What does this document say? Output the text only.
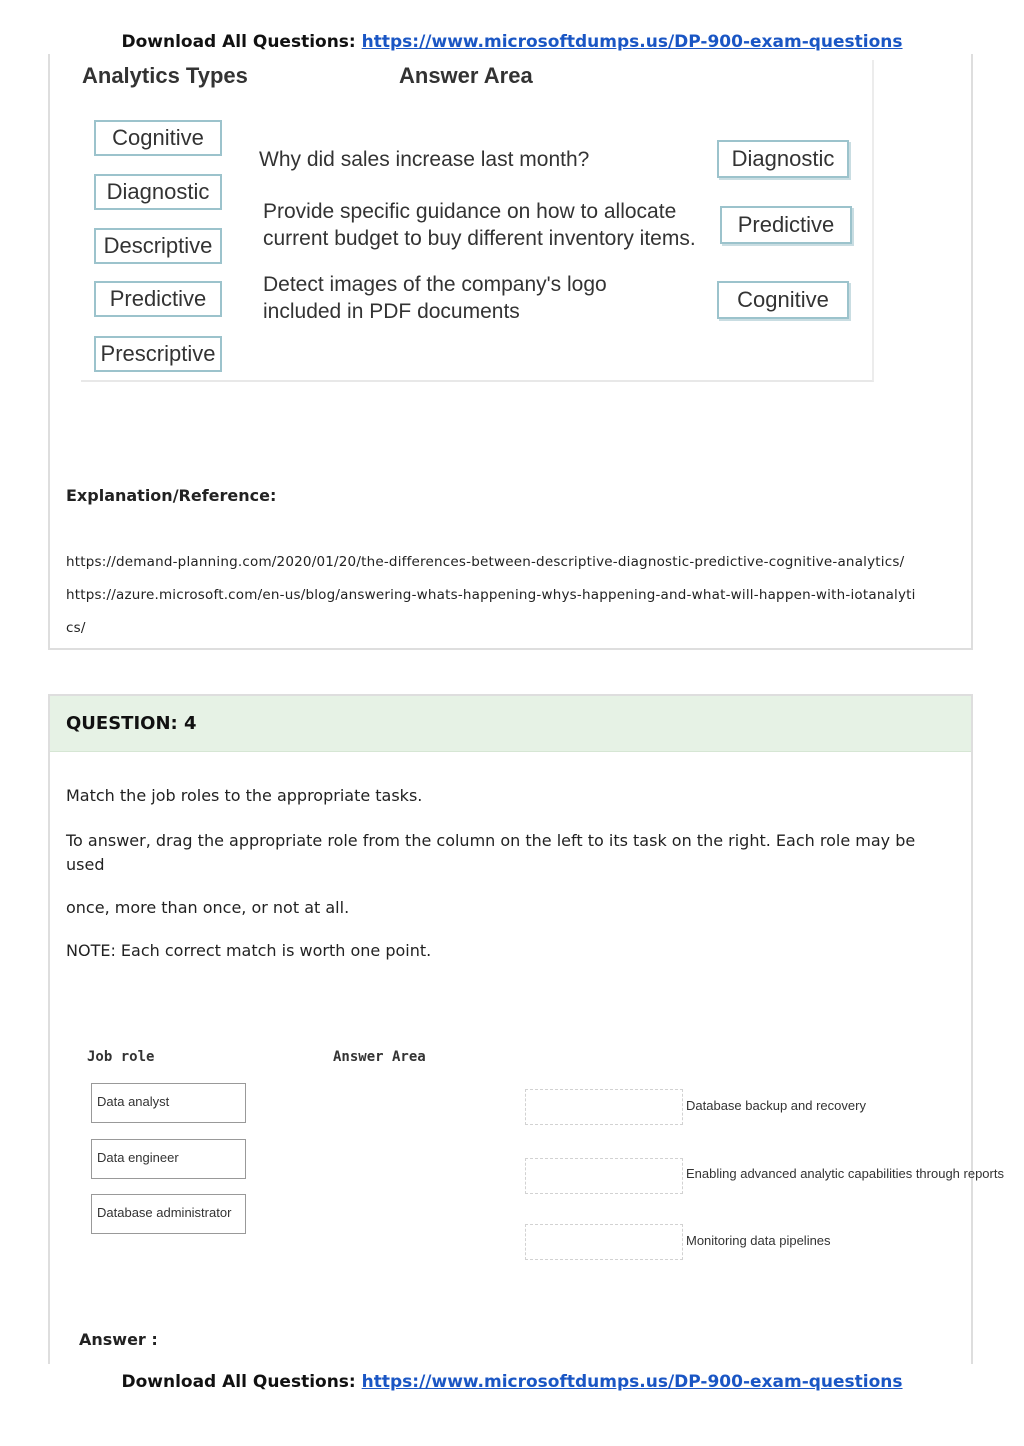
Download All Questions: https://www.microsoftdumps.us/DP-900-exam-questions
Analytics Types	Answer Area
Cognitive
Diagnostic
Descriptive
Predictive
Prescriptive
Why did sales increase last month?
Provide specific guidance on how to allocate current budget to buy different inventory items.
Detect images of the company's logo included in PDF documents
Diagnostic
Predictive
Cognitive
Explanation/Reference:
https://demand-planning.com/2020/01/20/the-differences-between-descriptive-diagnostic-predictive-cognitive-analytics/
https://azure.microsoft.com/en-us/blog/answering-whats-happening-whys-happening-and-what-will-happen-with-iotanalyti
cs/
QUESTION: 4
Match the job roles to the appropriate tasks.
To answer, drag the appropriate role from the column on the left to its task on the right. Each role may be used
once, more than once, or not at all.
NOTE: Each correct match is worth one point.
Job role	Answer Area
Data analyst
Data engineer
Database administrator
Database backup and recovery
Enabling advanced analytic capabilities through reports
Monitoring data pipelines
Answer :
Download All Questions: https://www.microsoftdumps.us/DP-900-exam-questions
